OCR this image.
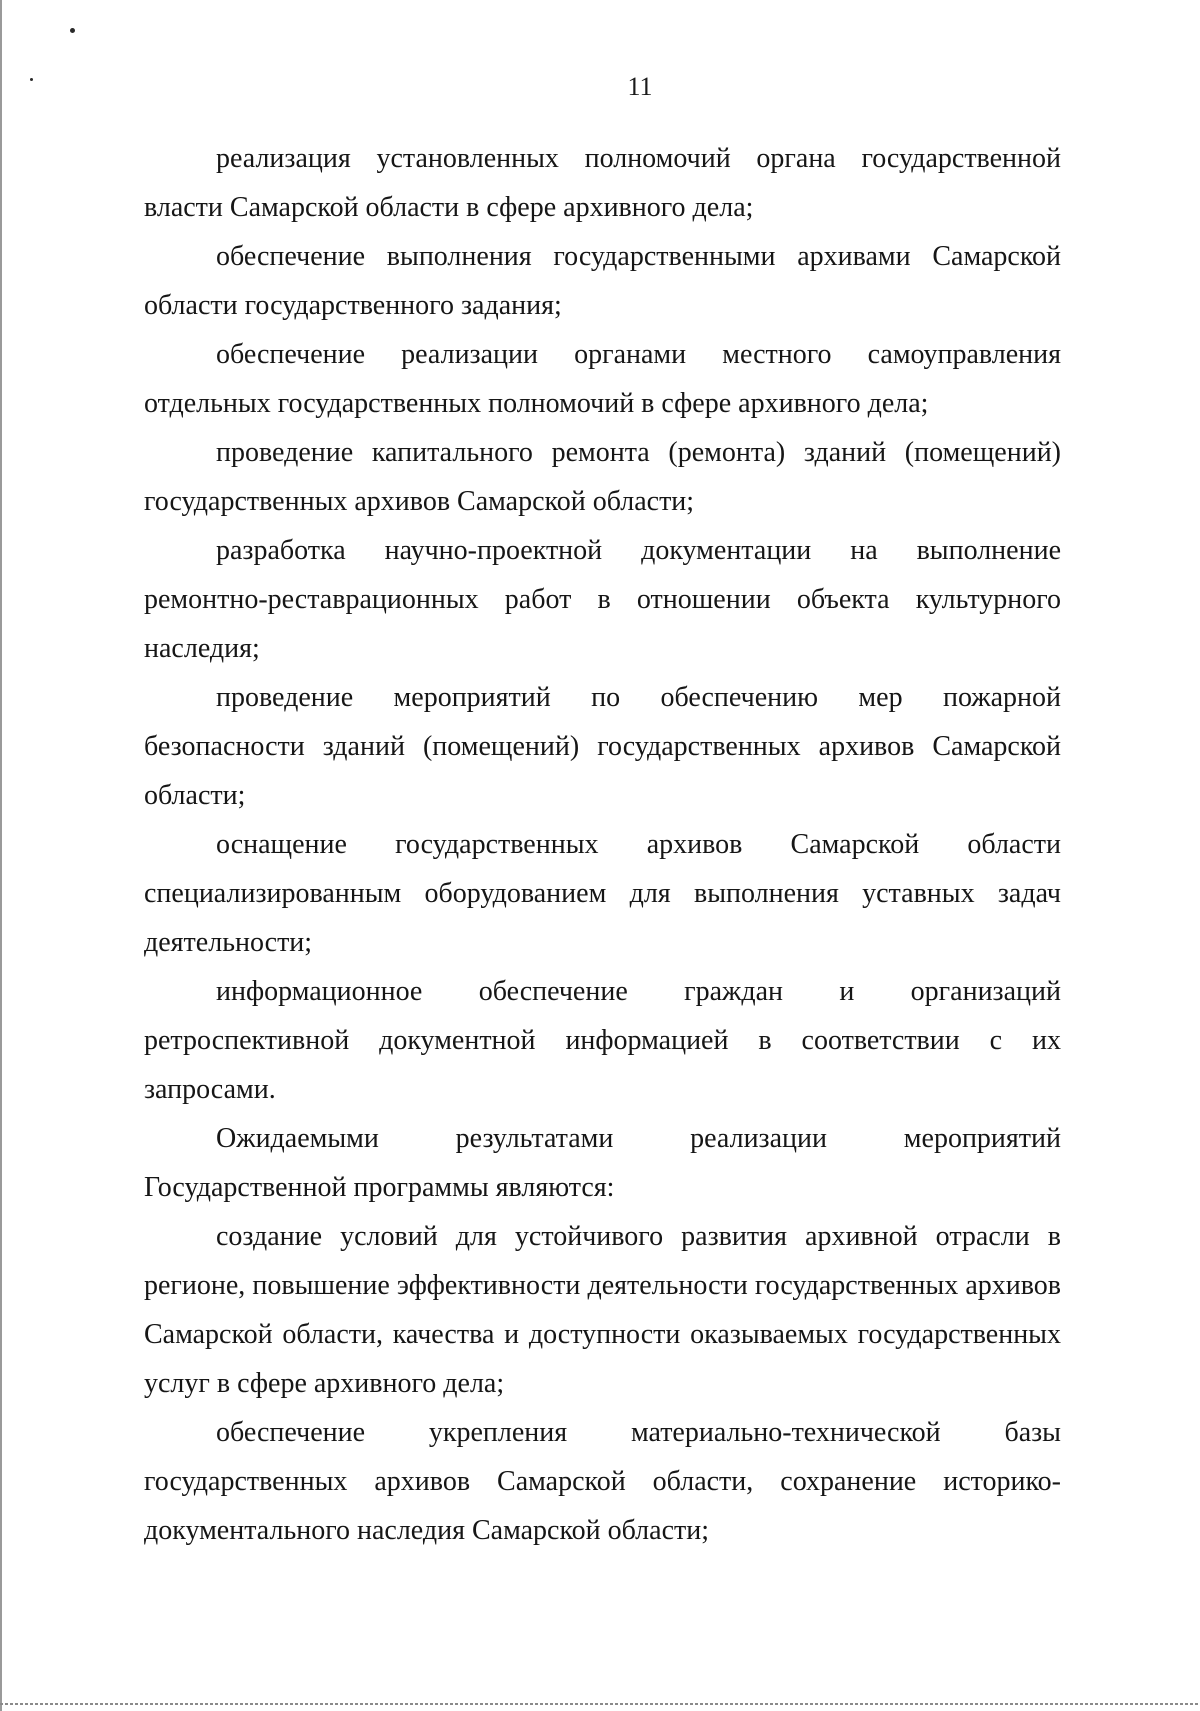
11

реализация установленных полномочий органа государственной власти Самарской области в сфере архивного дела;

обеспечение выполнения государственными архивами Самарской области государственного задания;

обеспечение реализации органами местного самоуправления отдельных государственных полномочий в сфере архивного дела;

проведение капитального ремонта (ремонта) зданий (помещений) государственных архивов Самарской области;

разработка научно-проектной документации на выполнение ремонтно-реставрационных работ в отношении объекта культурного наследия;

проведение мероприятий по обеспечению мер пожарной безопасности зданий (помещений) государственных архивов Самарской области;

оснащение государственных архивов Самарской области специализированным оборудованием для выполнения уставных задач деятельности;

информационное обеспечение граждан и организаций ретроспективной документной информацией в соответствии с их запросами.

Ожидаемыми результатами реализации мероприятий Государственной программы являются:

создание условий для устойчивого развития архивной отрасли в регионе, повышение эффективности деятельности государственных архивов Самарской области, качества и доступности оказываемых государственных услуг в сфере архивного дела;

обеспечение укрепления материально-технической базы государственных архивов Самарской области, сохранение историко-документального наследия Самарской области;
